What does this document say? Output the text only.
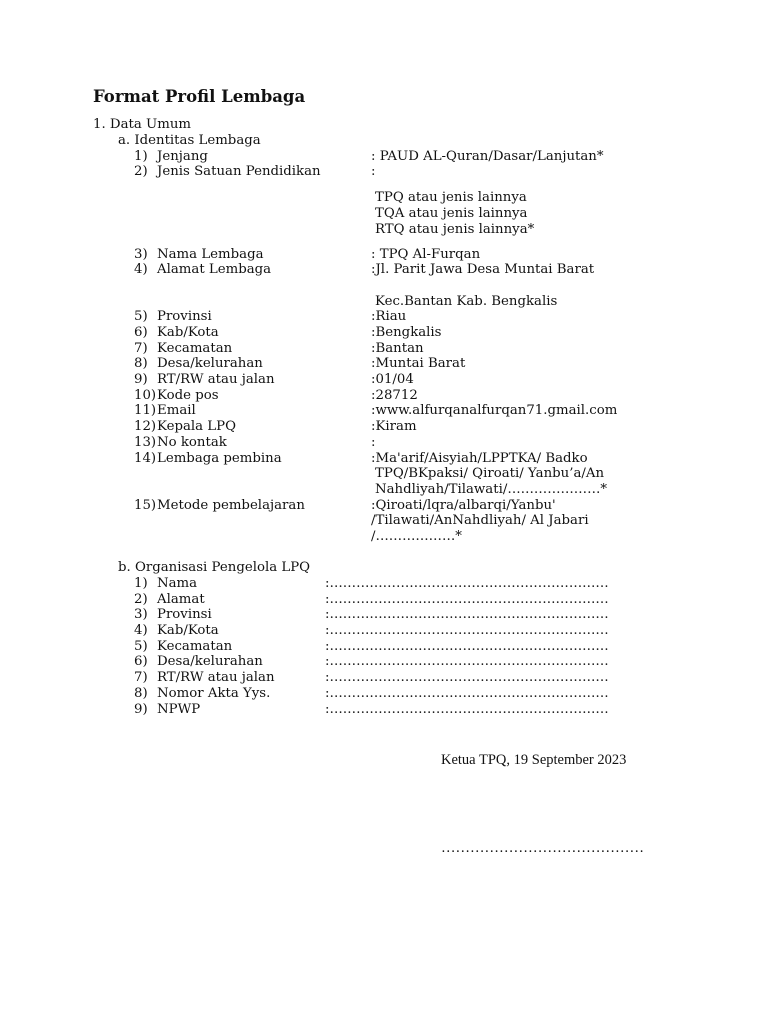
Format Profil Lembaga
1. Data Umum
a. Identitas Lembaga
1) Jenjang	: PAUD AL-Quran/Dasar/Lanjutan*
2) Jenis Satuan Pendidikan	:
TPQ atau jenis lainnya
TQA atau jenis lainnya
RTQ atau jenis lainnya*
3) Nama Lembaga	: TPQ Al-Furqan
4) Alamat Lembaga	:Jl. Parit Jawa Desa Muntai Barat
Kec.Bantan Kab. Bengkalis
5) Provinsi	:Riau
6) Kab/Kota	:Bengkalis
7) Kecamatan	:Bantan
8) Desa/kelurahan	:Muntai Barat
9) RT/RW atau jalan	:01/04
10) Kode pos	:28712
11) Email	:www.alfurqanalfurqan71.gmail.com
12) Kepala LPQ	:Kiram
13) No kontak	:
14) Lembaga pembina	:Ma'arif/Aisyiah/LPPTKA/ Badko
TPQ/BKpaksi/ Qiroati/ Yanbu’a/An
Nahdliyah/Tilawati/…………………*
15) Metode pembelajaran	:Qiroati/lqra/albarqi/Yanbu'
/Tilawati/AnNahdliyah/ Al Jabari
/………………*
b. Organisasi Pengelola LPQ
1) Nama	:………………………………………………………
2) Alamat	:………………………………………………………
3) Provinsi	:………………………………………………………
4) Kab/Kota	:………………………………………………………
5) Kecamatan	:………………………………………………………
6) Desa/kelurahan	:………………………………………………………
7) RT/RW atau jalan	:………………………………………………………
8) Nomor Akta Yys.	:………………………………………………………
9) NPWP	:………………………………………………………
Ketua TPQ, 19 September 2023
……………………………………
